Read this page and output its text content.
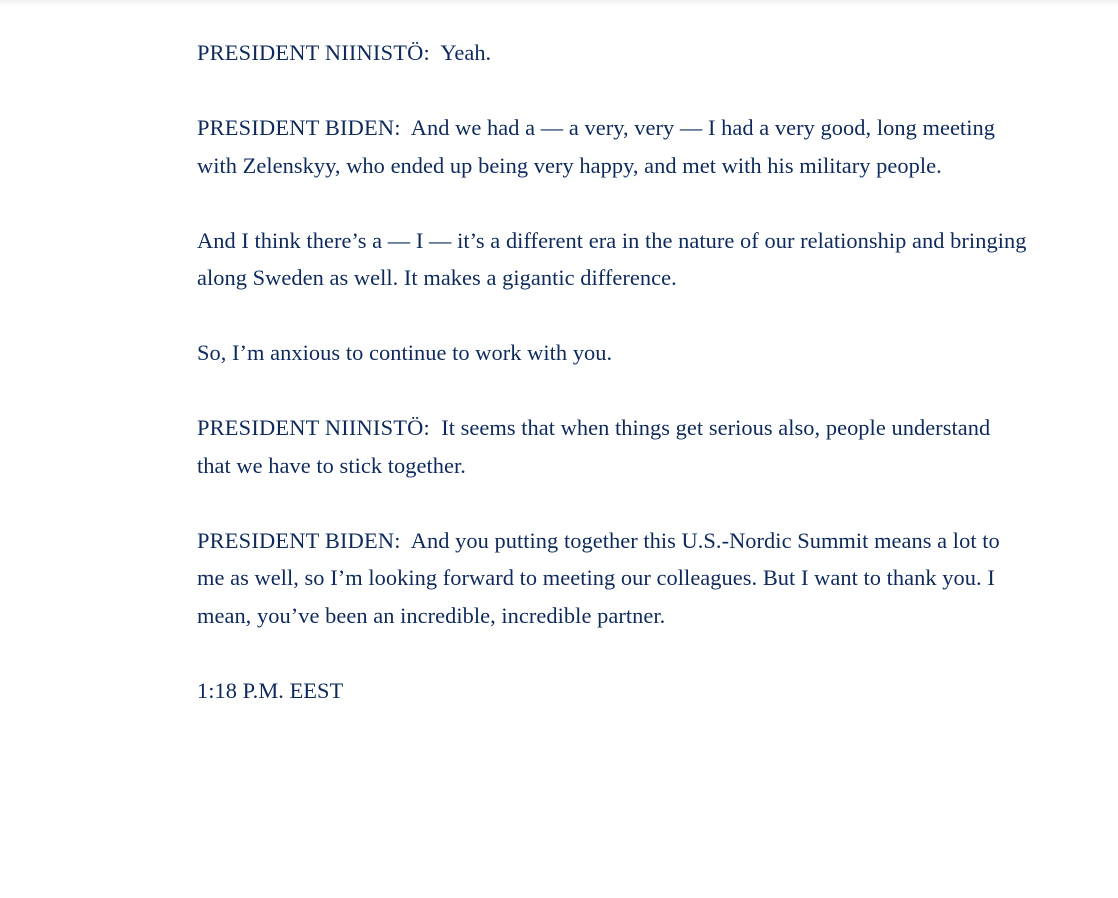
PRESIDENT NIINISTÖ: Yeah.

PRESIDENT BIDEN: And we had a — a very, very — I had a very good, long meeting with Zelenskyy, who ended up being very happy, and met with his military people.

And I think there’s a — I — it’s a different era in the nature of our relationship and bringing along Sweden as well. It makes a gigantic difference.

So, I’m anxious to continue to work with you.

PRESIDENT NIINISTÖ: It seems that when things get serious also, people understand that we have to stick together.

PRESIDENT BIDEN: And you putting together this U.S.-Nordic Summit means a lot to me as well, so I’m looking forward to meeting our colleagues. But I want to thank you. I mean, you’ve been an incredible, incredible partner.

1:18 P.M. EEST
